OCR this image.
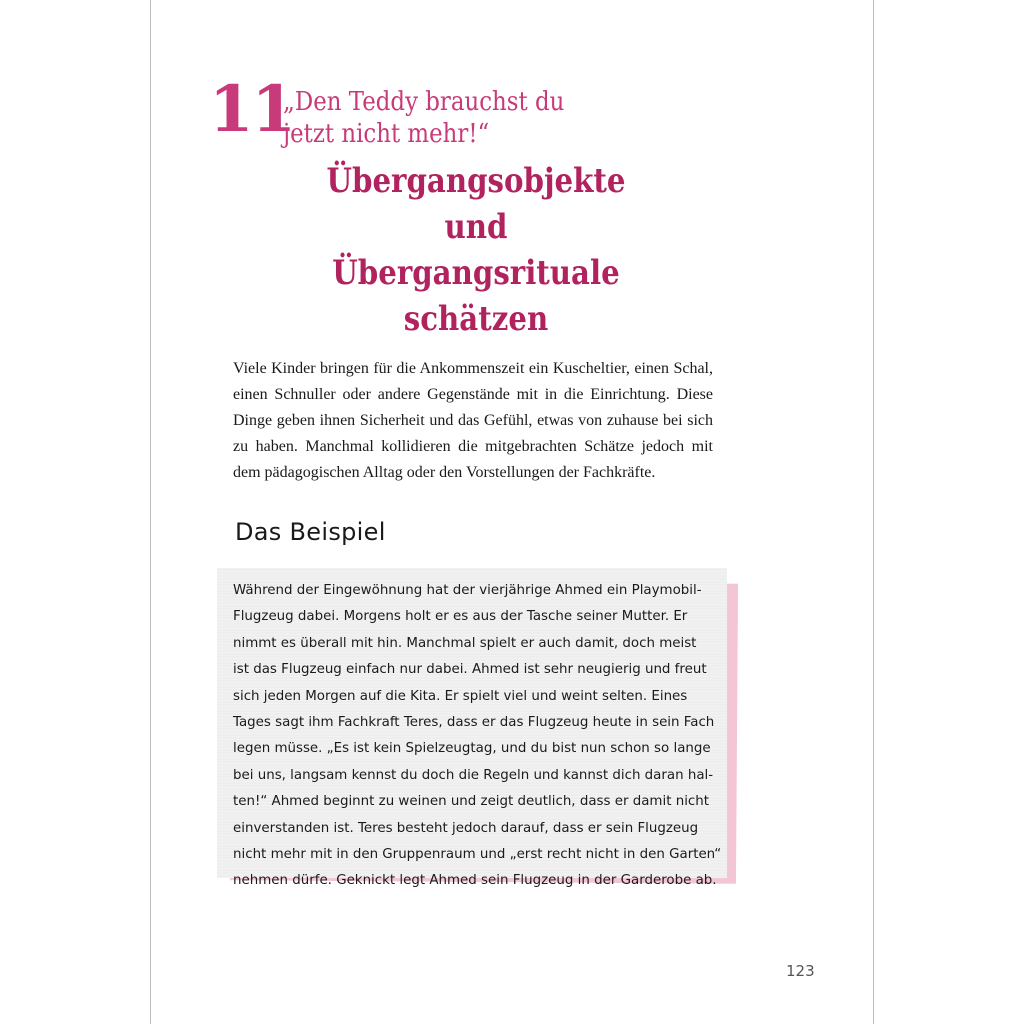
11
„Den Teddy brauchst du
jetzt nicht mehr!“
Übergangsobjekte
und Übergangsrituale
schätzen
Viele Kinder bringen für die Ankommenszeit ein Kuscheltier, einen Schal,
einen Schnuller oder andere Gegenstände mit in die Einrichtung. Diese
Dinge geben ihnen Sicherheit und das Gefühl, etwas von zuhause bei sich
zu haben. Manchmal kollidieren die mitgebrachten Schätze jedoch mit
dem pädagogischen Alltag oder den Vorstellungen der Fachkräfte.
Das Beispiel
Während der Eingewöhnung hat der vierjährige Ahmed ein Playmobil-
Flugzeug dabei. Morgens holt er es aus der Tasche seiner Mutter. Er
nimmt es überall mit hin. Manchmal spielt er auch damit, doch meist
ist das Flugzeug einfach nur dabei. Ahmed ist sehr neugierig und freut
sich jeden Morgen auf die Kita. Er spielt viel und weint selten. Eines
Tages sagt ihm Fachkraft Teres, dass er das Flugzeug heute in sein Fach
legen müsse. „Es ist kein Spielzeugtag, und du bist nun schon so lange
bei uns, langsam kennst du doch die Regeln und kannst dich daran hal-
ten!“ Ahmed beginnt zu weinen und zeigt deutlich, dass er damit nicht
einverstanden ist. Teres besteht jedoch darauf, dass er sein Flugzeug
nicht mehr mit in den Gruppenraum und „erst recht nicht in den Garten“
nehmen dürfe. Geknickt legt Ahmed sein Flugzeug in der Garderobe ab.
123
